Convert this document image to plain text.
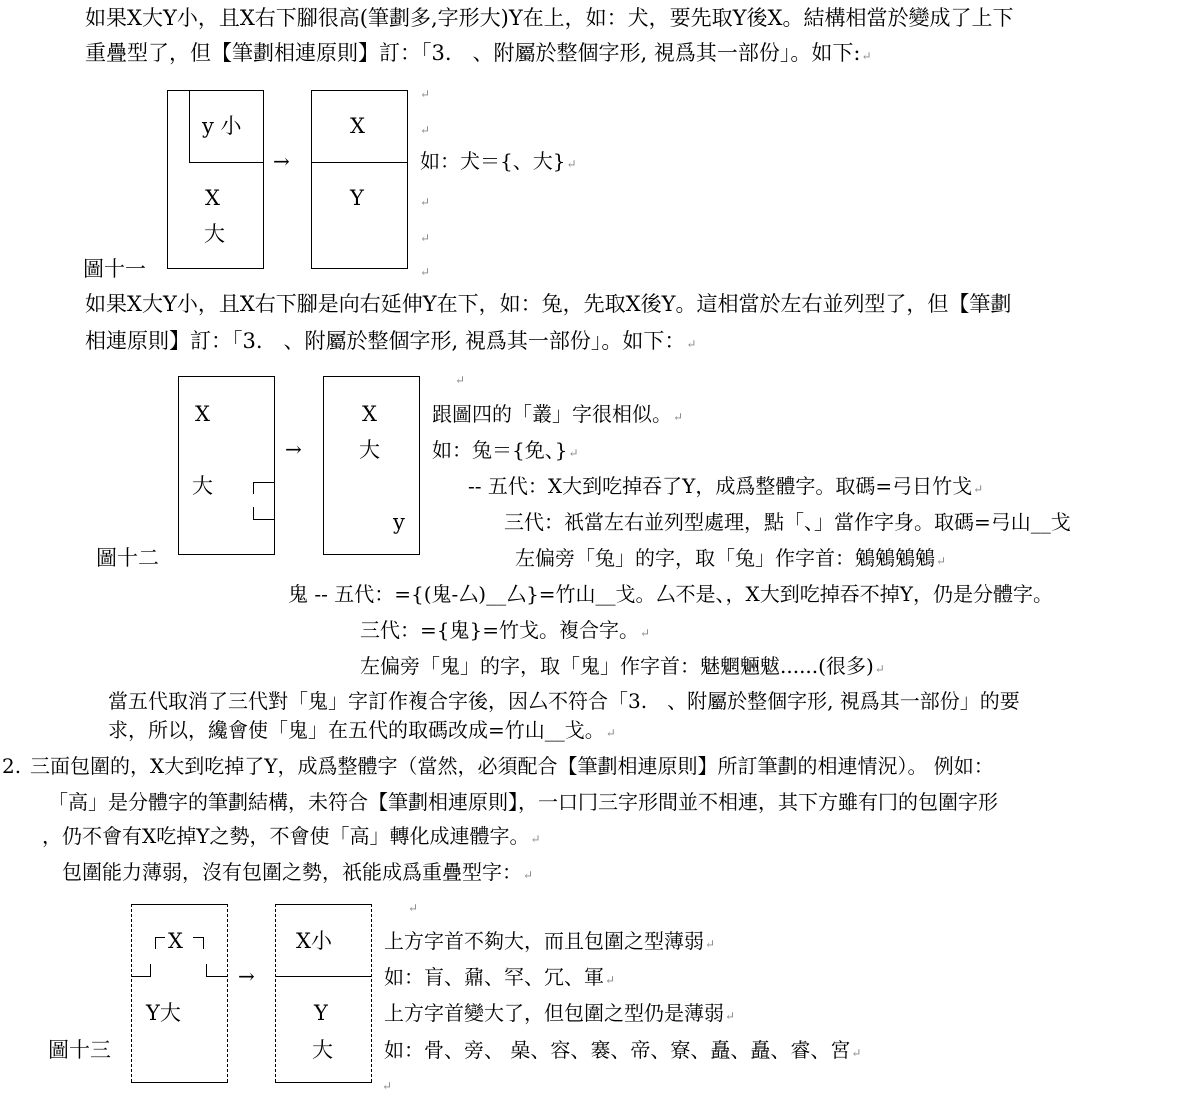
如果X大Y小，且X右下腳很高(筆劃多,字形大)Y在上，如：犬，要先取Y後X。結構相當於變成了上下
重疊型了，但【筆劃相連原則】訂：「3.　、附屬於整個字形, 視爲其一部份」。如下:↵
y 小
X
大
→
X
Y
如：犬＝{、大}↵
↵
↵
↵
↵
↵
圖十一
如果X大Y小，且X右下腳是向右延伸Y在下，如：兔，先取X後Y。這相當於左右並列型了，但【筆劃
相連原則】訂：「3.　、附屬於整個字形, 視爲其一部份」。如下：↵
X
大
→
X
大
y
↵
跟圖四的「叢」字很相似。↵
如：兔＝{免、}↵
-- 五代：X大到吃掉吞了Y，成爲整體字。取碼=弓日竹戈↵
三代：祇當左右並列型處理，點「、」當作字身。取碼=弓山__戈
左偏旁「兔」的字，取「兔」作字首：鵵鵵鵵鵵↵
圖十二
鬼 -- 五代：={(鬼-厶)__厶}=竹山__戈。厶不是、，X大到吃掉吞不掉Y，仍是分體字。
三代：={鬼}=竹戈。複合字。↵
左偏旁「鬼」的字，取「鬼」作字首：魅魍魎魃......(很多)↵
當五代取消了三代對「鬼」字訂作複合字後，因厶不符合「3.　、附屬於整個字形, 視爲其一部份」的要
求，所以，纔會使「鬼」在五代的取碼改成=竹山__戈。↵
2. 三面包圍的，X大到吃掉了Y，成爲整體字（當然，必須配合【筆劃相連原則】所訂筆劃的相連情況）。 例如：
「高」是分體字的筆劃結構，未符合【筆劃相連原則】，一口冂三字形間並不相連，其下方雖有冂的包圍字形
，仍不會有X吃掉Y之勢，不會使「高」轉化成連體字。↵
包圍能力薄弱，沒有包圍之勢，祇能成爲重疊型字：↵
X
Y大
→
X小
Y
大
↵
↵
上方字首不夠大，而且包圍之型薄弱↵
如：肓、鼐、罕、冗、軍↵
上方字首變大了，但包圍之型仍是薄弱↵
如：骨、旁、 喿、容、褰、帝、寮、矗、矗、睿、宮↵
圖十三
